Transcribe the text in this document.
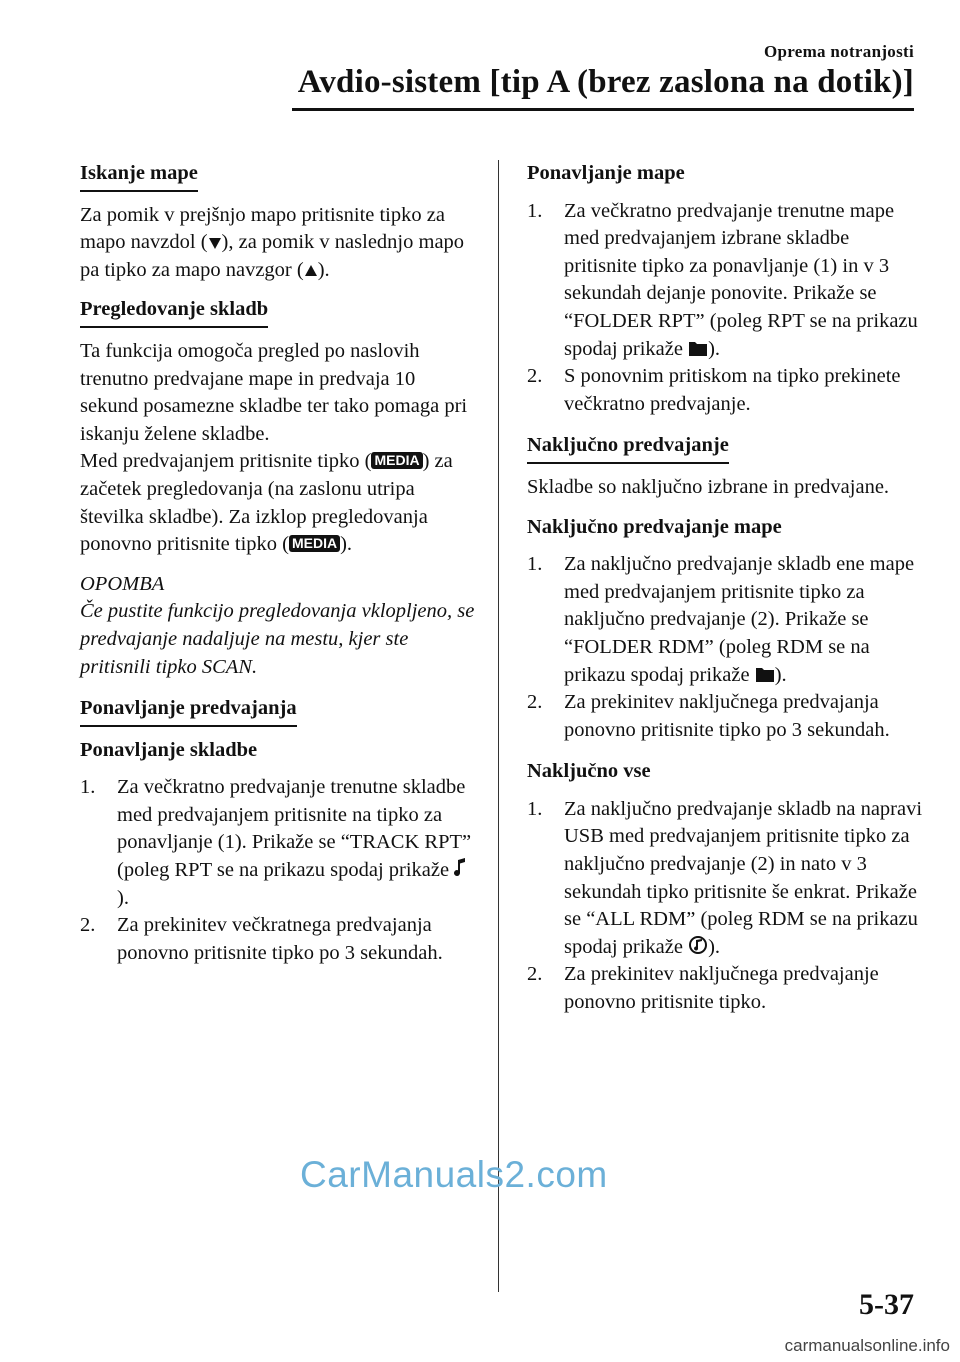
Oprema notranjosti
Avdio-sistem [tip A (brez zaslona na dotik)]
Iskanje mape

Za pomik v prejšnjo mapo pritisnite tipko za mapo navzdol ( ), za pomik v naslednjo mapo pa tipko za mapo navzgor ( ).

Pregledovanje skladb

Ta funkcija omogoča pregled po naslovih trenutno predvajane mape in predvaja 10 sekund posamezne skladbe ter tako pomaga pri iskanju želene skladbe.

Med predvajanjem pritisnite tipko ( MEDIA ) za začetek pregledovanja (na zaslonu utripa številka skladbe). Za izklop pregledovanja ponovno pritisnite tipko ( MEDIA ).

OPOMBA
Če pustite funkcijo pregledovanja vklopljeno, se predvajanje nadaljuje na mestu, kjer ste pritisnili tipko SCAN.
Ponavljanje predvajanja
Ponavljanje skladbe
1. Za večkratno predvajanje trenutne skladbe med predvajanjem pritisnite na tipko za ponavljanje (1). Prikaže se “TRACK RPT” (poleg RPT se na prikazu spodaj prikaže ).
2. Za prekinitev večkratnega predvajanja ponovno pritisnite tipko po 3 sekundah.
Ponavljanje mape
1. Za večkratno predvajanje trenutne mape med predvajanjem izbrane skladbe pritisnite tipko za ponavljanje (1) in v 3 sekundah dejanje ponovite. Prikaže se “FOLDER RPT” (poleg RPT se na prikazu spodaj prikaže ).
2. S ponovnim pritiskom na tipko prekinete večkratno predvajanje.
Naključno predvajanje

Skladbe so naključno izbrane in predvajane.

Naključno predvajanje mape
1. Za naključno predvajanje skladb ene mape med predvajanjem pritisnite tipko za naključno predvajanje (2). Prikaže se “FOLDER RDM” (poleg RDM se na prikazu spodaj prikaže ).
2. Za prekinitev naključnega predvajanja ponovno pritisnite tipko po 3 sekundah.
Naključno vse
1. Za naključno predvajanje skladb na napravi USB med predvajanjem pritisnite tipko za naključno predvajanje (2) in nato v 3 sekundah tipko pritisnite še enkrat. Prikaže se “ALL RDM” (poleg RDM se na prikazu spodaj prikaže ).
2. Za prekinitev naključnega predvajanje ponovno pritisnite tipko.
CarManuals2.com
5-37
carmanualsonline.info
